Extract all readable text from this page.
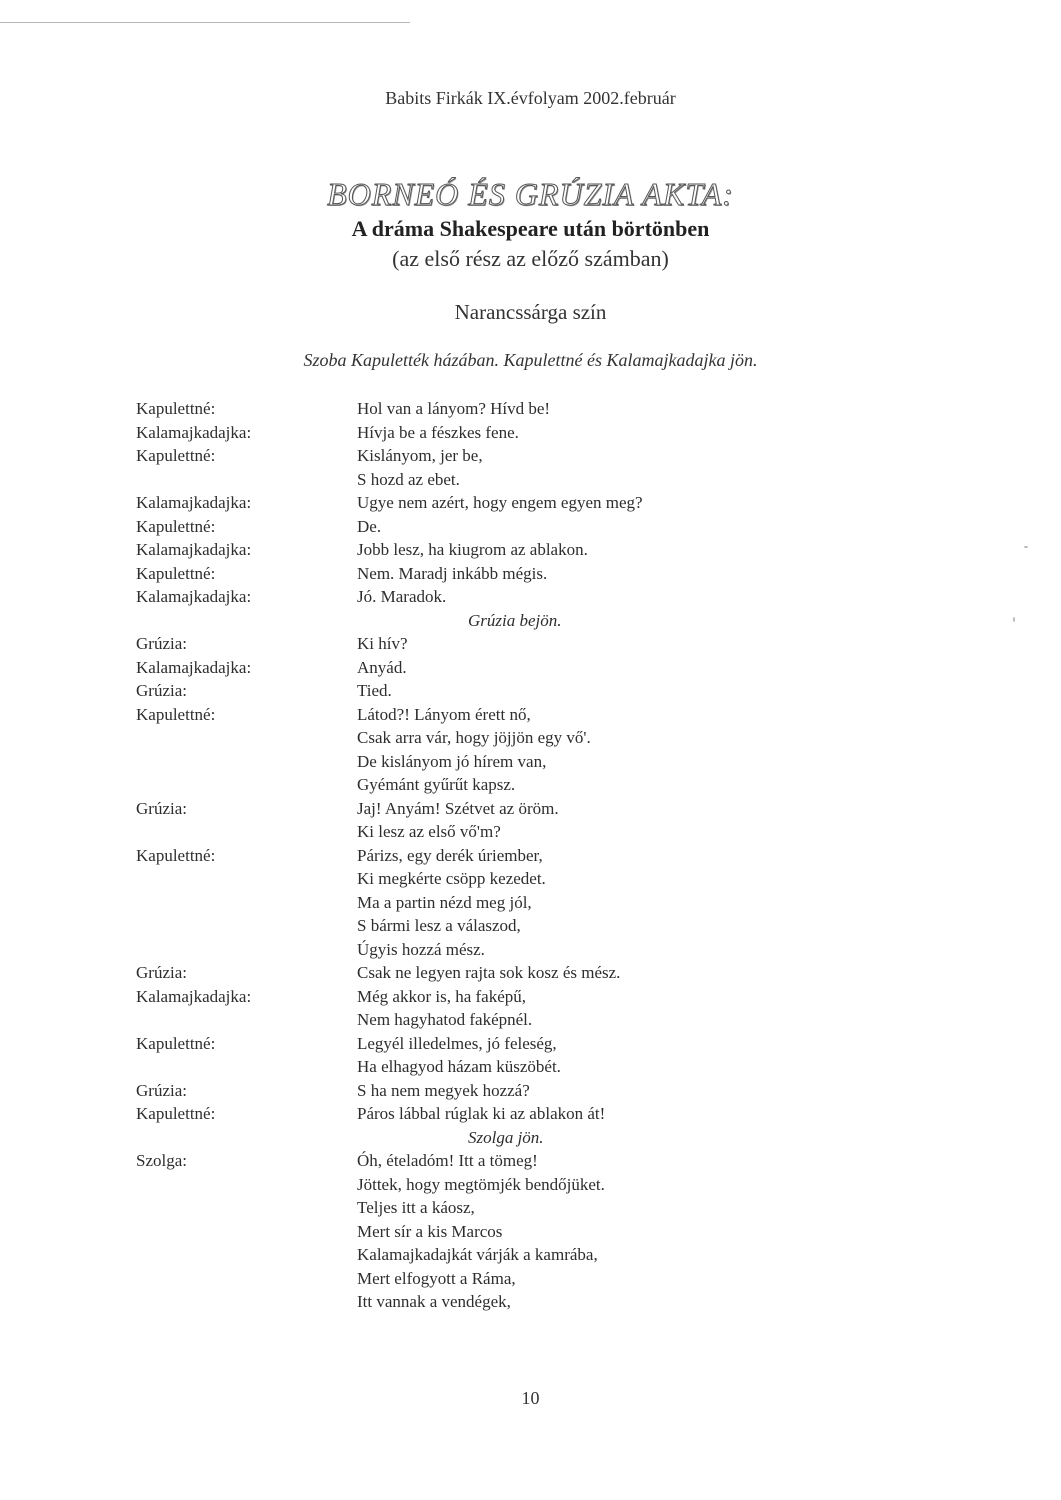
Babits Firkák IX.évfolyam 2002.február
BORNEÓ ÉS GRÚZIA AKTA:
A dráma Shakespeare után börtönben
(az első rész az előző számban)
Narancssárga szín
Szoba Kapulették házában. Kapulettné és Kalamajkadajka jön.
Kapulettné:	Hol van a lányom? Hívd be!
Kalamajkadajka:	Hívja be a fészkes fene.
Kapulettné:	Kislányom, jer be,
S hozd az ebet.
Kalamajkadajka:	Ugye nem azért, hogy engem egyen meg?
Kapulettné:	De.
Kalamajkadajka:	Jobb lesz, ha kiugrom az ablakon.
Kapulettné:	Nem. Maradj inkább mégis.
Kalamajkadajka:	Jó. Maradok.
Grúzia bejön.
Grúzia:	Ki hív?
Kalamajkadajka:	Anyád.
Grúzia:	Tied.
Kapulettné:	Látod?! Lányom érett nő,
Csak arra vár, hogy jöjjön egy vő'.
De kislányom jó hírem van,
Gyémánt gyűrűt kapsz.
Grúzia:	Jaj! Anyám! Szétvet az öröm.
Ki lesz az első vő'm?
Kapulettné:	Párizs, egy derék úriember,
Ki megkérte csöpp kezedet.
Ma a partin nézd meg jól,
S bármi lesz a válaszod,
Úgyis hozzá mész.
Grúzia:	Csak ne legyen rajta sok kosz és mész.
Kalamajkadajka:	Még akkor is, ha faképű,
Nem hagyhatod faképnél.
Kapulettné:	Legyél illedelmes, jó feleség,
Ha elhagyod házam küszöbét.
Grúzia:	S ha nem megyek hozzá?
Kapulettné:	Páros lábbal rúglak ki az ablakon át!
Szolga jön.
Szolga:	Óh, ételadóm! Itt a tömeg!
Jöttek, hogy megtömjék bendőjüket.
Teljes itt a káosz,
Mert sír a kis Marcos
Kalamajkadajkát várják a kamrába,
Mert elfogyott a Ráma,
Itt vannak a vendégek,
10
